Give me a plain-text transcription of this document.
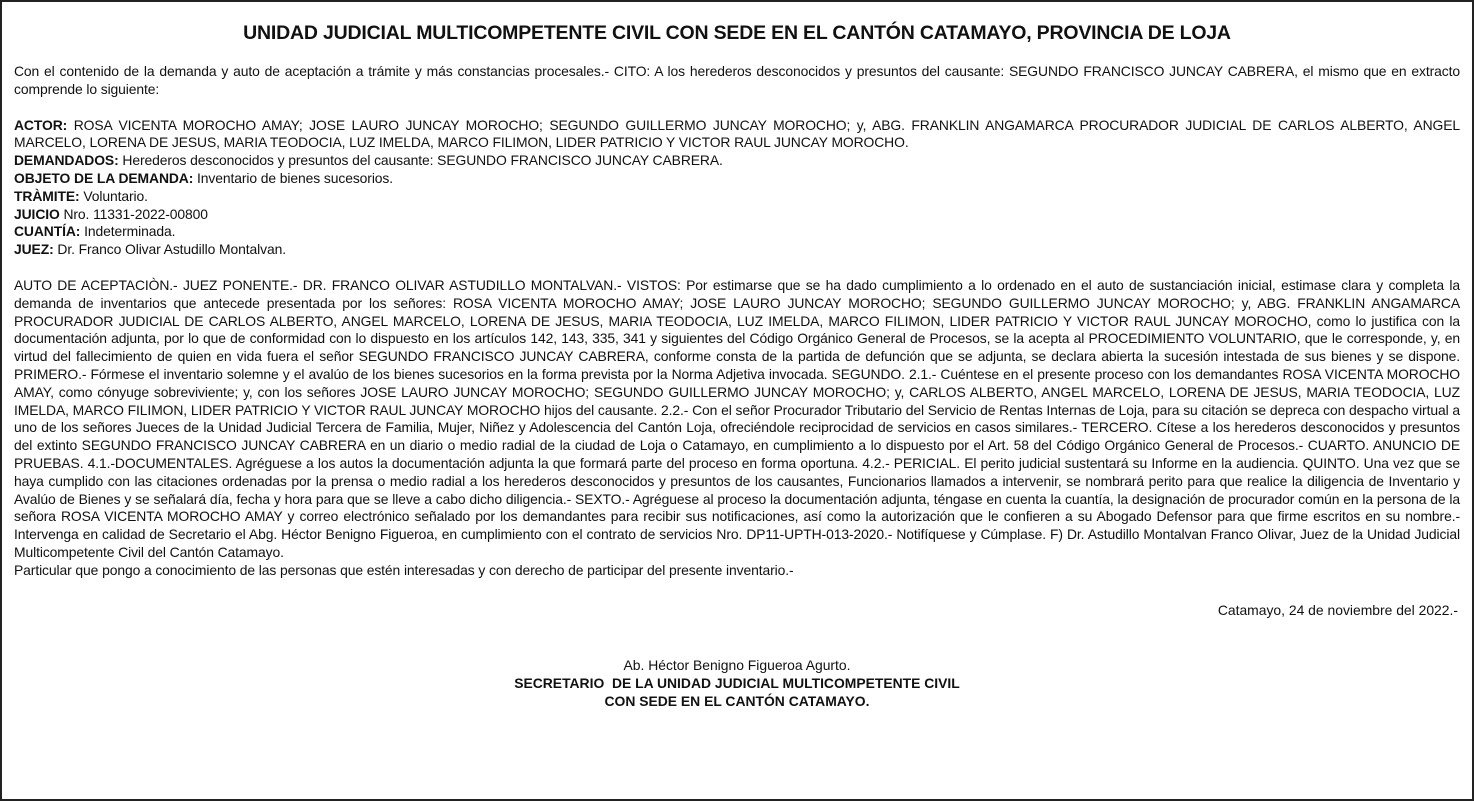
UNIDAD JUDICIAL MULTICOMPETENTE CIVIL CON SEDE EN EL CANTÓN CATAMAYO, PROVINCIA DE LOJA

Con el contenido de la demanda y auto de aceptación a trámite y más constancias procesales.- CITO: A los herederos desconocidos y presuntos del causante: SEGUNDO FRANCISCO JUNCAY CABRERA, el mismo que en extracto comprende lo siguiente:

ACTOR: ROSA VICENTA MOROCHO AMAY; JOSE LAURO JUNCAY MOROCHO; SEGUNDO GUILLERMO JUNCAY MOROCHO; y, ABG. FRANKLIN ANGAMARCA PROCURADOR JUDICIAL DE CARLOS ALBERTO, ANGEL MARCELO, LORENA DE JESUS, MARIA TEODOCIA, LUZ IMELDA, MARCO FILIMON, LIDER PATRICIO Y VICTOR RAUL JUNCAY MOROCHO.

DEMANDADOS: Herederos desconocidos y presuntos del causante: SEGUNDO FRANCISCO JUNCAY CABRERA.

OBJETO DE LA DEMANDA: Inventario de bienes sucesorios.

TRÀMITE: Voluntario.

JUICIO Nro. 11331-2022-00800

CUANTÍA: Indeterminada.

JUEZ: Dr. Franco Olivar Astudillo Montalvan.

AUTO DE ACEPTACIÒN.- JUEZ PONENTE.- DR. FRANCO OLIVAR ASTUDILLO MONTALVAN.- VISTOS: Por estimarse que se ha dado cumplimiento a lo ordenado en el auto de sustanciación inicial, estimase clara y completa la demanda de inventarios que antecede presentada por los señores: ROSA VICENTA MOROCHO AMAY; JOSE LAURO JUNCAY MOROCHO; SEGUNDO GUILLERMO JUNCAY MOROCHO; y, ABG. FRANKLIN ANGAMARCA PROCURADOR JUDICIAL DE CARLOS ALBERTO, ANGEL MARCELO, LORENA DE JESUS, MARIA TEODOCIA, LUZ IMELDA, MARCO FILIMON, LIDER PATRICIO Y VICTOR RAUL JUNCAY MOROCHO, como lo justifica con la documentación adjunta, por lo que de conformidad con lo dispuesto en los artículos 142, 143, 335, 341 y siguientes del Código Orgánico General de Procesos, se la acepta al PROCEDIMIENTO VOLUNTARIO, que le corresponde, y, en virtud del fallecimiento de quien en vida fuera el señor SEGUNDO FRANCISCO JUNCAY CABRERA, conforme consta de la partida de defunción que se adjunta, se declara abierta la sucesión intestada de sus bienes y se dispone. PRIMERO.- Fórmese el inventario solemne y el avalúo de los bienes sucesorios en la forma prevista por la Norma Adjetiva invocada. SEGUNDO. 2.1.- Cuéntese en el presente proceso con los demandantes ROSA VICENTA MOROCHO AMAY, como cónyuge sobreviviente; y, con los señores JOSE LAURO JUNCAY MOROCHO; SEGUNDO GUILLERMO JUNCAY MOROCHO; y, CARLOS ALBERTO, ANGEL MARCELO, LORENA DE JESUS, MARIA TEODOCIA, LUZ IMELDA, MARCO FILIMON, LIDER PATRICIO Y VICTOR RAUL JUNCAY MOROCHO hijos del causante. 2.2.- Con el señor Procurador Tributario del Servicio de Rentas Internas de Loja, para su citación se depreca con despacho virtual a uno de los señores Jueces de la Unidad Judicial Tercera de Familia, Mujer, Niñez y Adolescencia del Cantón Loja, ofreciéndole reciprocidad de servicios en casos similares.- TERCERO. Cítese a los herederos desconocidos y presuntos del extinto SEGUNDO FRANCISCO JUNCAY CABRERA en un diario o medio radial de la ciudad de Loja o Catamayo, en cumplimiento a lo dispuesto por el Art. 58 del Código Orgánico General de Procesos.- CUARTO. ANUNCIO DE PRUEBAS. 4.1.-DOCUMENTALES. Agréguese a los autos la documentación adjunta la que formará parte del proceso en forma oportuna. 4.2.- PERICIAL. El perito judicial sustentará su Informe en la audiencia. QUINTO. Una vez que se haya cumplido con las citaciones ordenadas por la prensa o medio radial a los herederos desconocidos y presuntos de los causantes, Funcionarios llamados a intervenir, se nombrará perito para que realice la diligencia de Inventario y Avalúo de Bienes y se señalará día, fecha y hora para que se lleve a cabo dicho diligencia.- SEXTO.- Agréguese al proceso la documentación adjunta, téngase en cuenta la cuantía, la designación de procurador común en la persona de la señora ROSA VICENTA MOROCHO AMAY y correo electrónico señalado por los demandantes para recibir sus notificaciones, así como la autorización que le confieren a su Abogado Defensor para que firme escritos en su nombre.- Intervenga en calidad de Secretario el Abg. Héctor Benigno Figueroa, en cumplimiento con el contrato de servicios Nro. DP11-UPTH-013-2020.- Notifíquese y Cúmplase. F) Dr. Astudillo Montalvan Franco Olivar, Juez de la Unidad Judicial Multicompetente Civil del Cantón Catamayo.

Particular que pongo a conocimiento de las personas que estén interesadas y con derecho de participar del presente inventario.-

Catamayo, 24 de noviembre del 2022.-
Ab. Héctor Benigno Figueroa Agurto.
SECRETARIO  DE LA UNIDAD JUDICIAL MULTICOMPETENTE CIVIL
CON SEDE EN EL CANTÓN CATAMAYO.
